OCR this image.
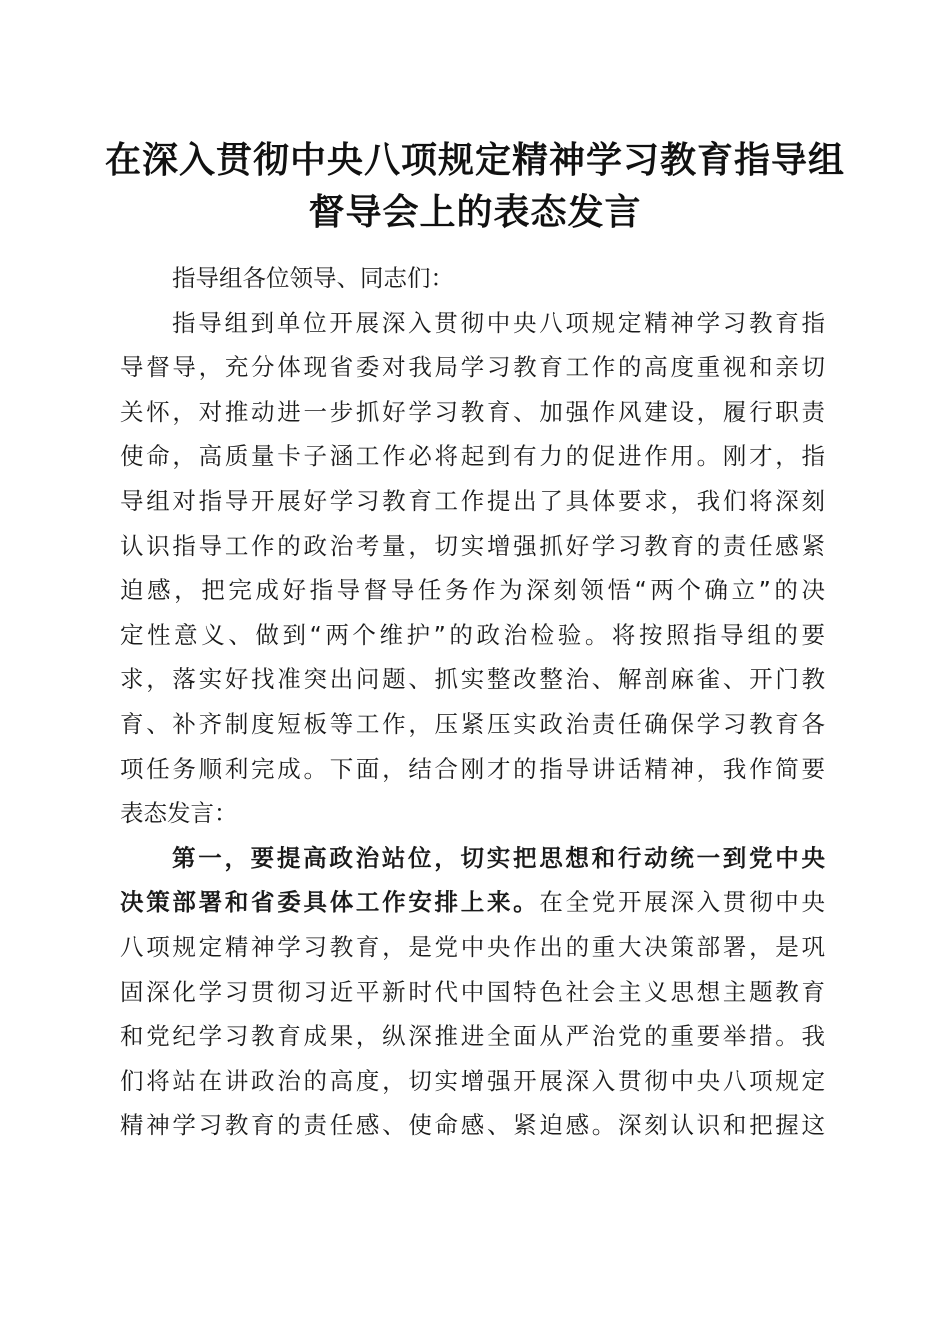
在深入贯彻中央八项规定精神学习教育指导组
督导会上的表态发言
指导组各位领导、同志们：
指导组到单位开展深入贯彻中央八项规定精神学习教育指
导督导，充分体现省委对我局学习教育工作的高度重视和亲切
关怀，对推动进一步抓好学习教育、加强作风建设，履行职责
使命，高质量卡子涵工作必将起到有力的促进作用。刚才，指
导组对指导开展好学习教育工作提出了具体要求，我们将深刻
认识指导工作的政治考量，切实增强抓好学习教育的责任感紧
迫感，把完成好指导督导任务作为深刻领悟“两个确立”的决
定性意义、做到“两个维护”的政治检验。将按照指导组的要
求，落实好找准突出问题、抓实整改整治、解剖麻雀、开门教
育、补齐制度短板等工作，压紧压实政治责任确保学习教育各
项任务顺利完成。下面，结合刚才的指导讲话精神，我作简要
表态发言：
第一，要提高政治站位，切实把思想和行动统一到党中央
决策部署和省委具体工作安排上来。在全党开展深入贯彻中央
八项规定精神学习教育，是党中央作出的重大决策部署，是巩
固深化学习贯彻习近平新时代中国特色社会主义思想主题教育
和党纪学习教育成果，纵深推进全面从严治党的重要举措。我
们将站在讲政治的高度，切实增强开展深入贯彻中央八项规定
精神学习教育的责任感、使命感、紧迫感。深刻认识和把握这
